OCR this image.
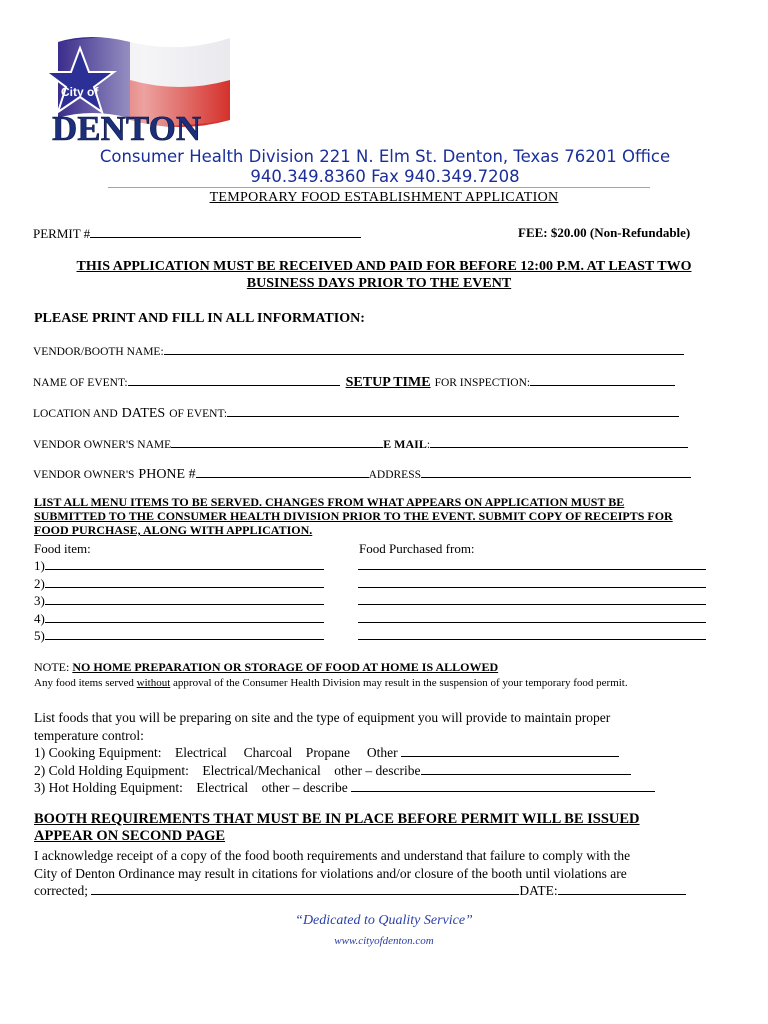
City of
DENTON
Consumer Health Division 221 N. Elm St. Denton, Texas 76201 Office
940.349.8360 Fax 940.349.7208
TEMPORARY FOOD ESTABLISHMENT APPLICATION
PERMIT #	FEE: $20.00 (Non-Refundable)
THIS APPLICATION MUST BE RECEIVED AND PAID FOR BEFORE 12:00 P.M. AT LEAST TWO
BUSINESS DAYS PRIOR TO THE EVENT
PLEASE PRINT AND FILL IN ALL INFORMATION:
VENDOR/BOOTH NAME:
NAME OF EVENT:	SETUP TIME FOR INSPECTION:
LOCATION AND DATES OF EVENT:
VENDOR OWNER'S NAME	E MAIL:
VENDOR OWNER'S PHONE #	ADDRESS
LIST ALL MENU ITEMS TO BE SERVED. CHANGES FROM WHAT APPEARS ON APPLICATION MUST BE
SUBMITTED TO THE CONSUMER HEALTH DIVISION PRIOR TO THE EVENT. SUBMIT COPY OF RECEIPTS FOR
FOOD PURCHASE, ALONG WITH APPLICATION.
Food item:	Food Purchased from:
1)
2)
3)
4)
5)
NOTE: NO HOME PREPARATION OR STORAGE OF FOOD AT HOME IS ALLOWED
Any food items served without approval of the Consumer Health Division may result in the suspension of your temporary food permit.
List foods that you will be preparing on site and the type of equipment you will provide to maintain proper
temperature control:
1) Cooking Equipment:    Electrical     Charcoal    Propane     Other
2) Cold Holding Equipment:    Electrical/Mechanical    other – describe
3) Hot Holding Equipment:    Electrical    other – describe
BOOTH REQUIREMENTS THAT MUST BE IN PLACE BEFORE PERMIT WILL BE ISSUED
APPEAR ON SECOND PAGE
I acknowledge receipt of a copy of the food booth requirements and understand that failure to comply with the
City of Denton Ordinance may result in citations for violations and/or closure of the booth until violations are
corrected;	DATE:
“Dedicated to Quality Service”
www.cityofdenton.com
